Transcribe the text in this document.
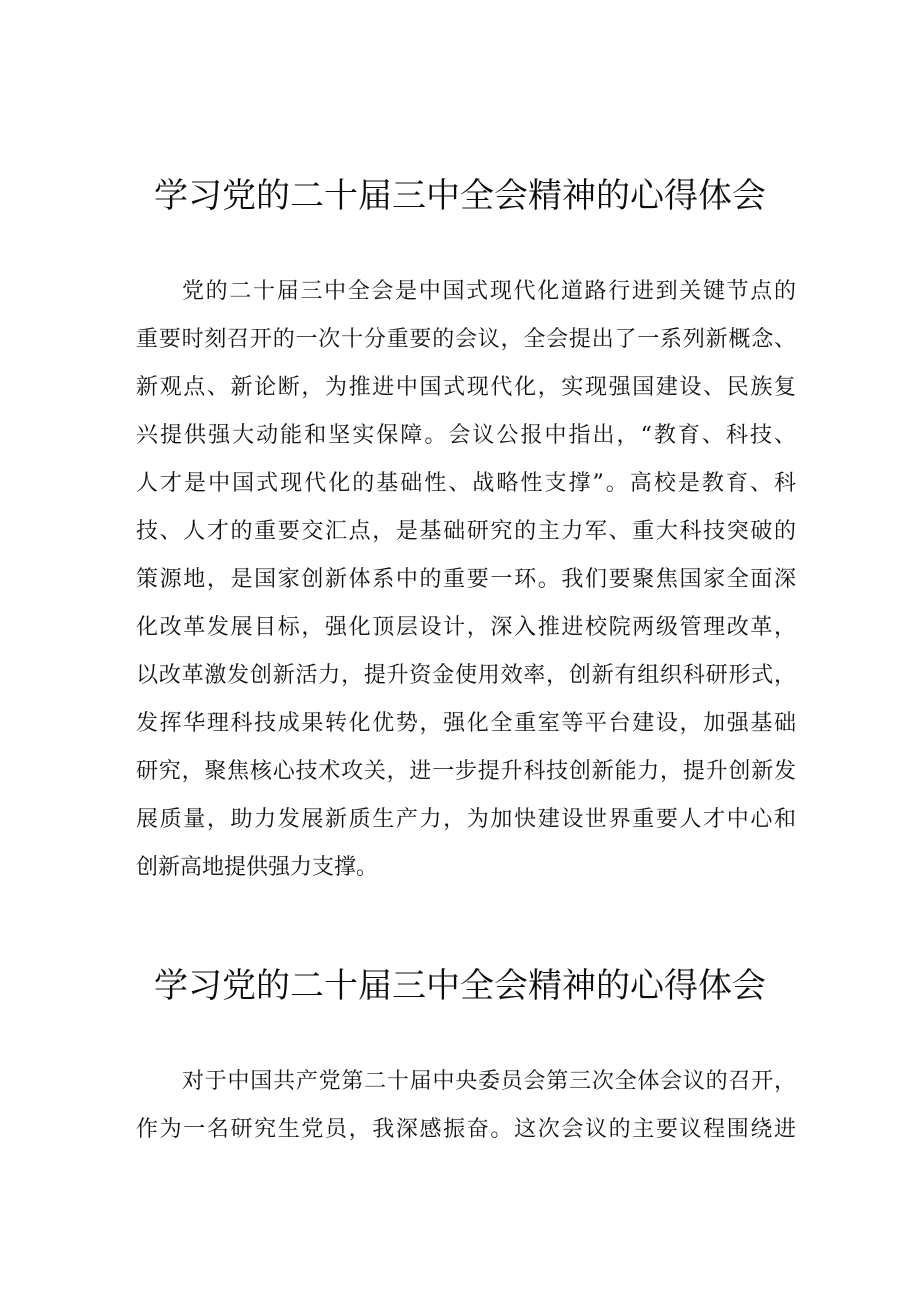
学习党的二十届三中全会精神的心得体会
党的二十届三中全会是中国式现代化道路行进到关键节点的
重要时刻召开的一次十分重要的会议，全会提出了一系列新概念、
新观点、新论断，为推进中国式现代化，实现强国建设、民族复
兴提供强大动能和坚实保障。会议公报中指出，“教育、科技、
人才是中国式现代化的基础性、战略性支撑”。高校是教育、科
技、人才的重要交汇点，是基础研究的主力军、重大科技突破的
策源地，是国家创新体系中的重要一环。我们要聚焦国家全面深
化改革发展目标，强化顶层设计，深入推进校院两级管理改革，
以改革激发创新活力，提升资金使用效率，创新有组织科研形式，
发挥华理科技成果转化优势，强化全重室等平台建设，加强基础
研究，聚焦核心技术攻关，进一步提升科技创新能力，提升创新发
展质量，助力发展新质生产力，为加快建设世界重要人才中心和
创新高地提供强力支撑。
学习党的二十届三中全会精神的心得体会
对于中国共产党第二十届中央委员会第三次全体会议的召开，
作为一名研究生党员，我深感振奋。这次会议的主要议程围绕进
